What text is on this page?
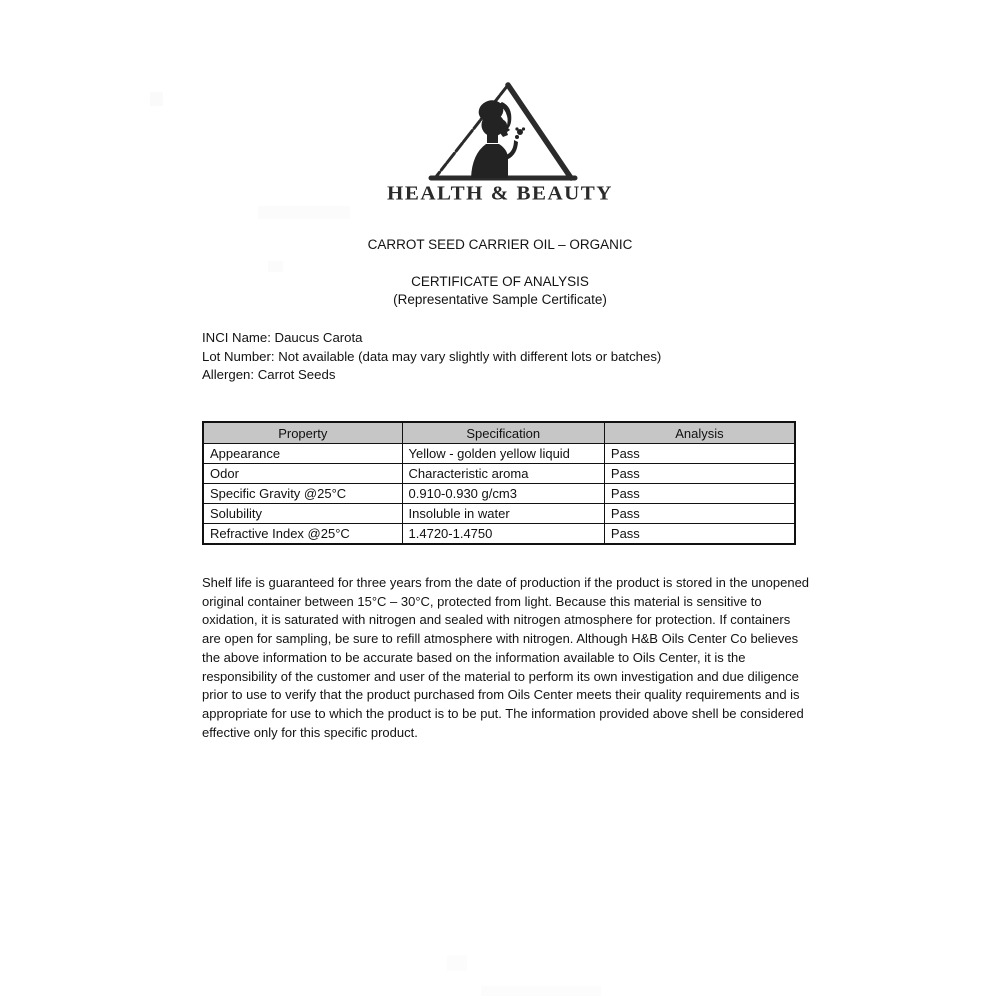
HEALTH & BEAUTY
CARROT SEED CARRIER OIL – ORGANIC
CERTIFICATE OF ANALYSIS
(Representative Sample Certificate)
INCI Name: Daucus Carota
Lot Number: Not available (data may vary slightly with different lots or batches)
Allergen: Carrot Seeds
Property	Specification	Analysis
Appearance	Yellow - golden yellow liquid	Pass
Odor	Characteristic aroma	Pass
Specific Gravity @25°C	0.910-0.930 g/cm3	Pass
Solubility	Insoluble in water	Pass
Refractive Index @25°C	1.4720-1.4750	Pass
Shelf life is guaranteed for three years from the date of production if the product is stored in the unopened original container between 15°C – 30°C, protected from light. Because this material is sensitive to oxidation, it is saturated with nitrogen and sealed with nitrogen atmosphere for protection. If containers are open for sampling, be sure to refill atmosphere with nitrogen. Although H&B Oils Center Co believes the above information to be accurate based on the information available to Oils Center, it is the responsibility of the customer and user of the material to perform its own investigation and due diligence prior to use to verify that the product purchased from Oils Center meets their quality requirements and is appropriate for use to which the product is to be put. The information provided above shell be considered effective only for this specific product.
